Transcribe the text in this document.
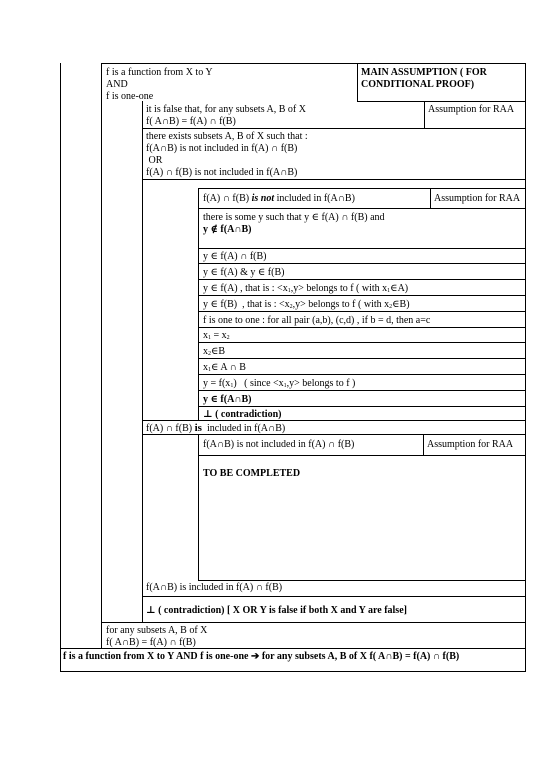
f is a function from X to Y
AND
f is one-one
MAIN ASSUMPTION ( FOR
CONDITIONAL PROOF)
it is false that, for any subsets A, B of X
f( A∩B) = f(A) ∩ f(B)
Assumption for RAA
there exists subsets A, B of X such that :
f(A∩B) is not included in f(A) ∩ f(B)
OR
f(A) ∩ f(B) is not included in f(A∩B)
f(A) ∩ f(B) is not included in f(A∩B)	Assumption for RAA
there is some y such that y ∈ f(A) ∩ f(B) and
y ∉ f(A∩B)
y ∈ f(A) ∩ f(B)
y ∈ f(A) & y ∈ f(B)
y ∈ f(A) , that is : $<x_1,y>$ belongs to f ( with $x_1\in A$)
y ∈ f(B)  , that is : $<x_2,y>$ belongs to f ( with $x_2\in B$)
f is one to one : for all pair (a,b), (c,d) , if b = d, then a=c
$x_1 = x_2$
$x_2\in B$
$x_1\in$ A ∩ B
$y = f(x_1)$   ( since $<x_1,y>$ belongs to f )
y ∈ f(A∩B)
⊥ ( contradiction)
f(A) ∩ f(B) is  included in f(A∩B)
f(A∩B) is not included in f(A) ∩ f(B)	Assumption for RAA
TO BE COMPLETED
f(A∩B) is included in f(A) ∩ f(B)
⊥ ( contradiction) [ X OR Y is false if both X and Y are false]
for any subsets A, B of X
f( A∩B) = f(A) ∩ f(B)
f is a function from X to Y AND f is one-one ➔ for any subsets A, B of X f( A∩B) = f(A) ∩ f(B)
